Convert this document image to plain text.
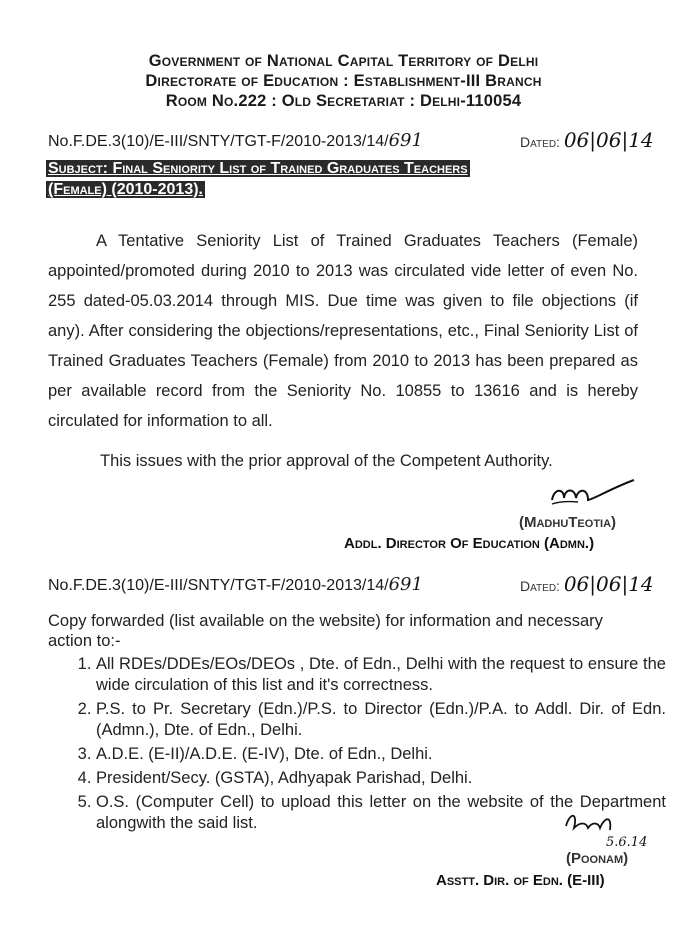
Government of National Capital Territory of Delhi
Directorate of Education : Establishment-III Branch
Room No.222 : Old Secretariat : Delhi-110054
No.F.DE.3(10)/E-III/SNTY/TGT-F/2010-2013/14/691	Dated: 06|06|14
Subject: Final Seniority List of Trained Graduates Teachers
(Female) (2010-2013).
A Tentative Seniority List of Trained Graduates Teachers (Female) appointed/promoted during 2010 to 2013 was circulated vide letter of even No. 255 dated-05.03.2014 through MIS. Due time was given to file objections (if any). After considering the objections/representations, etc., Final Seniority List of Trained Graduates Teachers (Female) from 2010 to 2013 has been prepared as per available record from the Seniority No. 10855 to 13616 and is hereby circulated for information to all.
This issues with the prior approval of the Competent Authority.
(MadhuTeotia)
Addl. Director Of Education (Admn.)
No.F.DE.3(10)/E-III/SNTY/TGT-F/2010-2013/14/691	Dated: 06|06|14
Copy forwarded (list available on the website) for information and necessary action to:-
1. All RDEs/DDEs/EOs/DEOs , Dte. of Edn., Delhi with the request to ensure the wide circulation of this list and it's correctness.
2. P.S. to Pr. Secretary (Edn.)/P.S. to Director (Edn.)/P.A. to Addl. Dir. of Edn. (Admn.), Dte. of Edn., Delhi.
3. A.D.E. (E-II)/A.D.E. (E-IV), Dte. of Edn., Delhi.
4. President/Secy. (GSTA), Adhyapak Parishad, Delhi.
5. O.S. (Computer Cell) to upload this letter on the website of the Department alongwith the said list.
5.6.14
(Poonam)
Asstt. Dir. of Edn. (E-III)
